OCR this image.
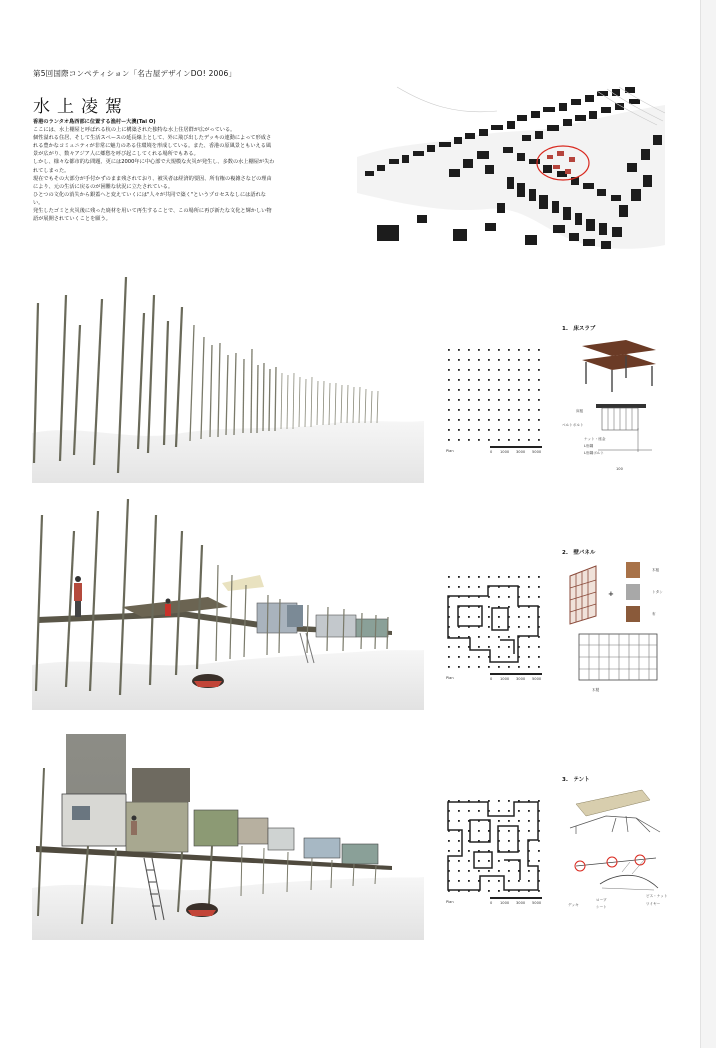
第5回国際コンペティション「名古屋デザインDO! 2006」
水上凌駕

香港のランタオ島西部に位置する漁村ー大澳(Tai O)

ここには、水上棚屋と呼ばれる杭の上に構築された独特な水上住居群が広がっている。

個性溢れる住居、そして生活スペースの延長線上として、外に飛び出したデッキの連動によって形成される豊かなコミュニティが非常に魅力のある住環境を形成している。また、香港の原風景ともいえる風景が広がり、数々アジア人に郷愁を呼び起こしてくれる場所でもある。

しかし、様々な都市的な問題、更には2000年に中心部で大規模な火災が発生し、多数の水上棚屋が失われてしまった。

現在でもその大部分が手付かずのまま残されており、被災者は経済的要因、所有権の複雑さなどの理由により、元の生活に戻るのが困難な状況に立たされている。

ひとつの文化の消失から銀蓋へと変えていくには"人々が共同で築く"というプロセスなしには語れない。

発生したゴミと火災後に残った廃材を用いて再生することで、この場所に再び新たな文化と輝かしい物語が展開されていくことを願う。

Plan	0 1000 3000 5000
1.　床スラブ
床板
ベルトボルト
ナット・座金
L形鋼
L形鋼ボルト
100
Plan	0 1000 3000 5000
2.　壁パネル
+
木板
トタン
布
木製
Plan	0 1000 3000 5000
3.　テント
デッキ
ロープ
シート
ビス・ナット
ワイヤー
